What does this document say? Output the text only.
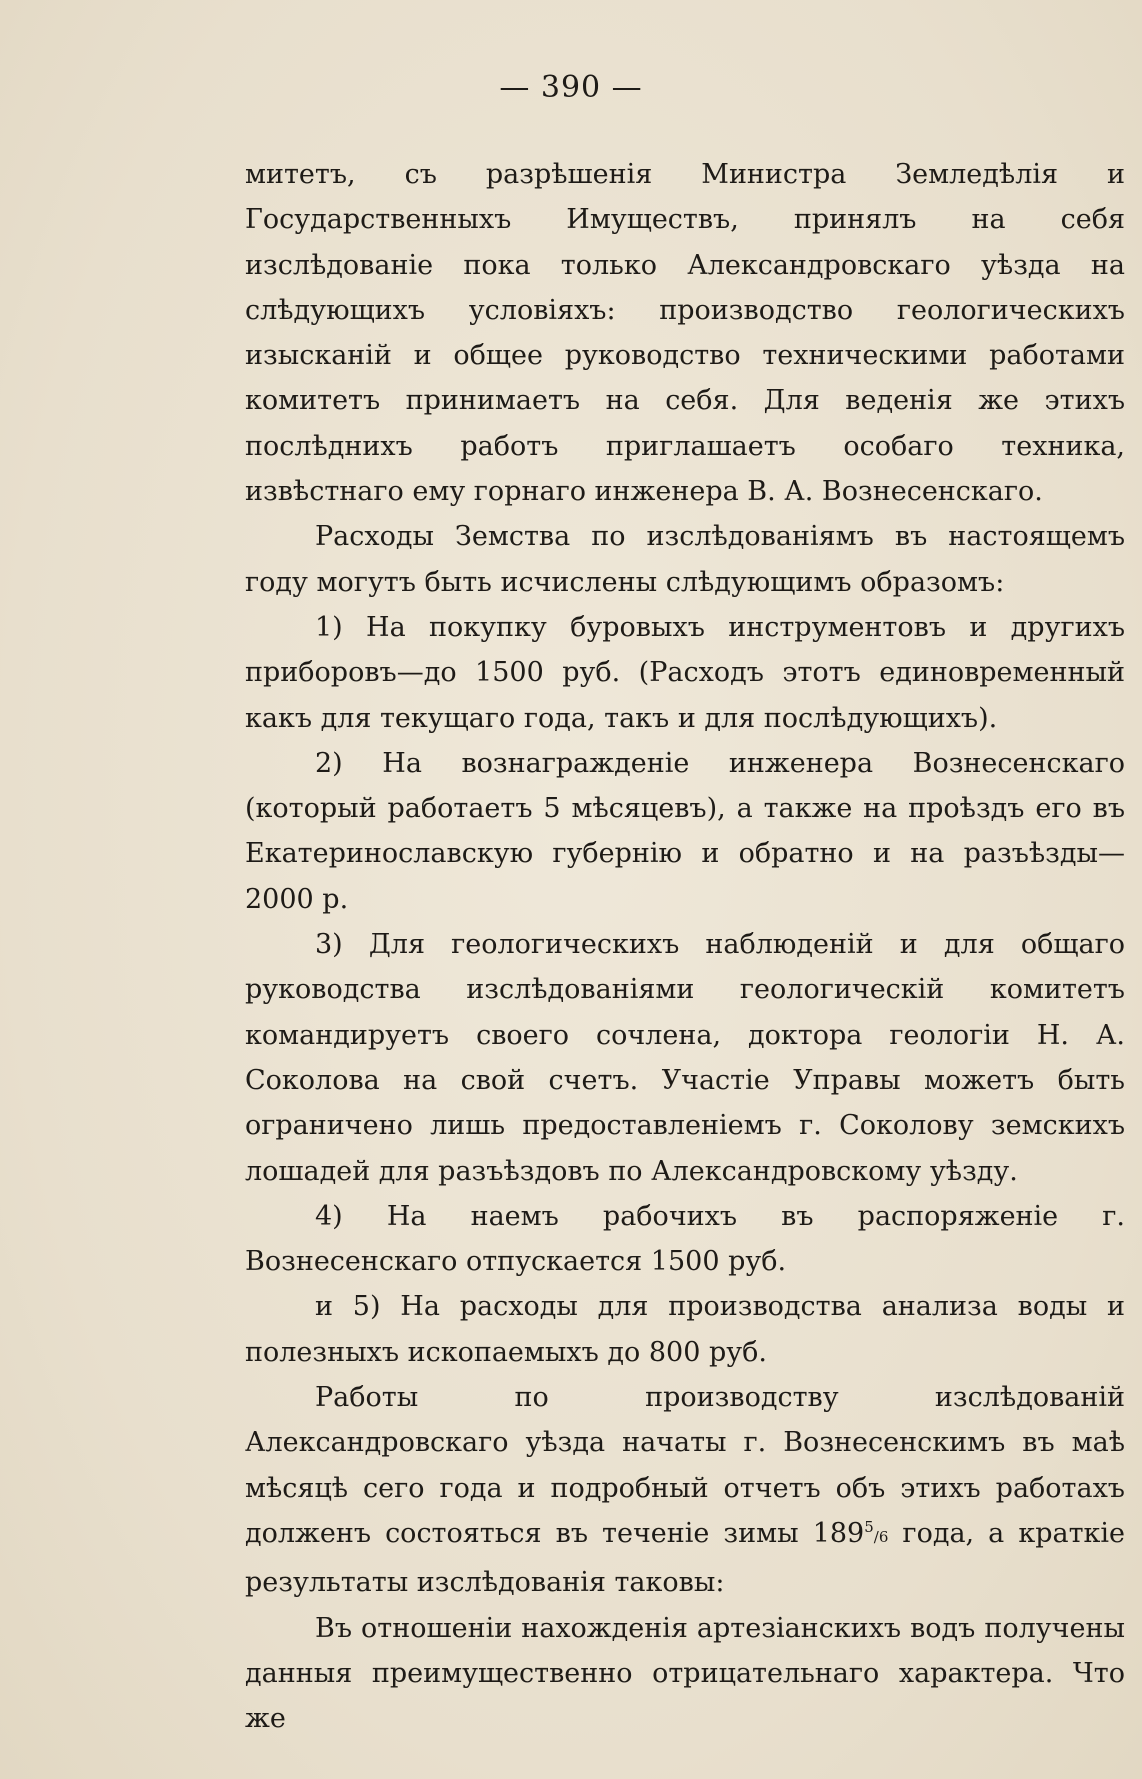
— 390 —

митетъ, съ разрѣшенія Министра Земледѣлія и Государственныхъ Имуществъ, принялъ на себя изслѣдованіе пока только Александровскаго уѣзда на слѣдующихъ условіяхъ: производство геологическихъ изысканій и общее руководство техническими работами комитетъ принимаетъ на себя. Для веденія же этихъ послѣднихъ работъ приглашаетъ особаго техника, извѣстнаго ему горнаго инженера В. А. Вознесенскаго.

Расходы Земства по изслѣдованіямъ въ настоящемъ году могутъ быть исчислены слѣдующимъ образомъ:

1) На покупку буровыхъ инструментовъ и другихъ приборовъ—до 1500 руб. (Расходъ этотъ единовременный какъ для текущаго года, такъ и для послѣдующихъ).

2) На вознагражденіе инженера Вознесенскаго (который работаетъ 5 мѣсяцевъ), а также на проѣздъ его въ Екатеринославскую губернію и обратно и на разъѣзды—2000 р.

3) Для геологическихъ наблюденій и для общаго руководства изслѣдованіями геологическій комитетъ командируетъ своего сочлена, доктора геологіи Н. А. Соколова на свой счетъ. Участіе Управы можетъ быть ограничено лишь предоставленіемъ г. Соколову земскихъ лошадей для разъѣздовъ по Александровскому уѣзду.

4) На наемъ рабочихъ въ распоряженіе г. Вознесенскаго отпускается 1500 руб.

и 5) На расходы для производства анализа воды и полезныхъ ископаемыхъ до 800 руб.

Работы по производству изслѣдованій Александровскаго уѣзда начаты г. Вознесенскимъ въ маѣ мѣсяцѣ сего года и подробный отчетъ объ этихъ работахъ долженъ состояться въ теченіе зимы $189^5/6$ года, а краткіе результаты изслѣдованія таковы:

Въ отношеніи нахожденія артезіанскихъ водъ получены данныя преимущественно отрицательнаго характера. Что же
